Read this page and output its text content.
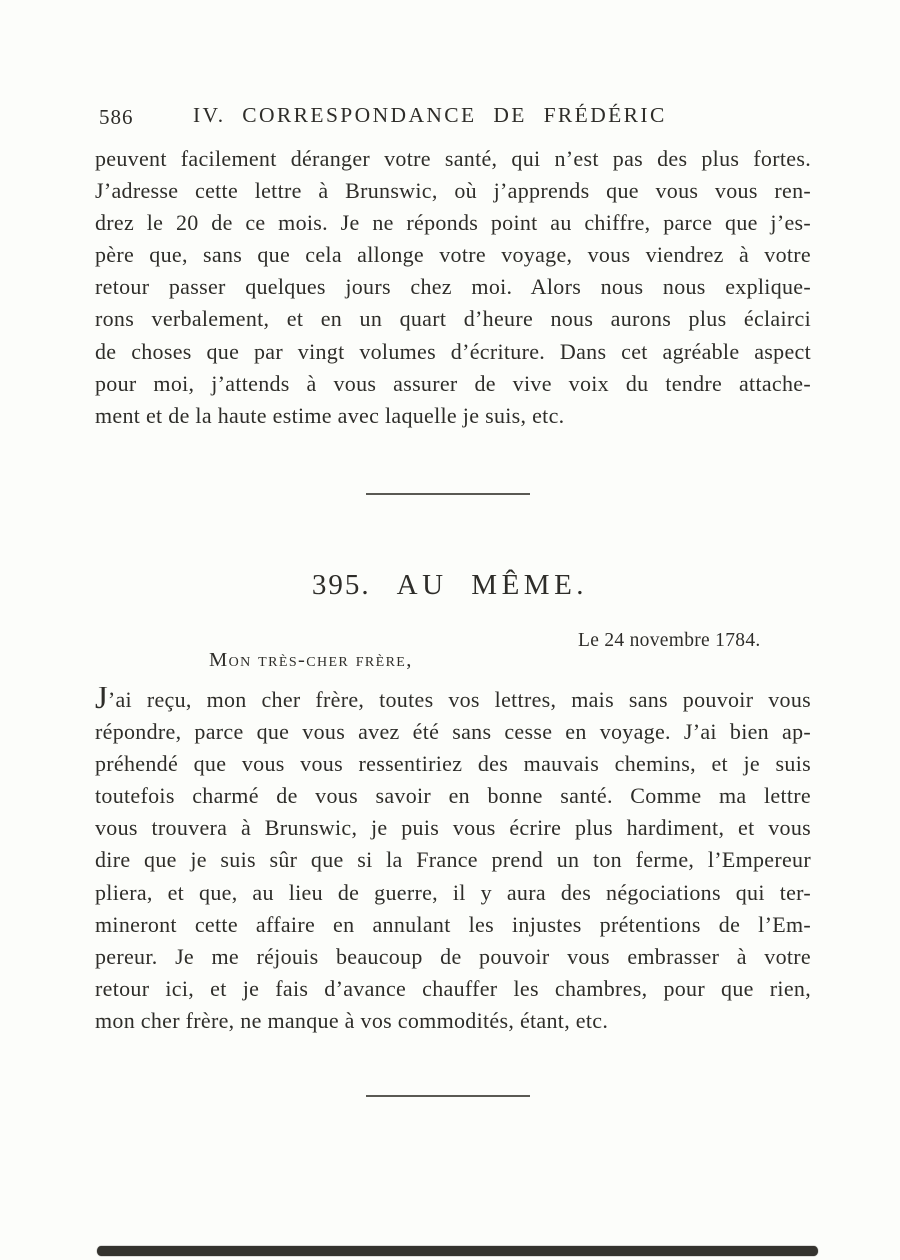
586	IV. CORRESPONDANCE DE FRÉDÉRIC
peuvent facilement déranger votre santé, qui n’est pas des plus fortes.
J’adresse cette lettre à Brunswic, où j’apprends que vous vous ren-
drez le 20 de ce mois. Je ne réponds point au chiffre, parce que j’es-
père que, sans que cela allonge votre voyage, vous viendrez à votre
retour passer quelques jours chez moi. Alors nous nous explique-
rons verbalement, et en un quart d’heure nous aurons plus éclairci
de choses que par vingt volumes d’écriture. Dans cet agréable aspect
pour moi, j’attends à vous assurer de vive voix du tendre attache-
ment et de la haute estime avec laquelle je suis, etc.
395. AU MÊME.
Le 24 novembre 1784.
Mon très-cher frère,
J’ai reçu, mon cher frère, toutes vos lettres, mais sans pouvoir vous
répondre, parce que vous avez été sans cesse en voyage. J’ai bien ap-
préhendé que vous vous ressentiriez des mauvais chemins, et je suis
toutefois charmé de vous savoir en bonne santé. Comme ma lettre
vous trouvera à Brunswic, je puis vous écrire plus hardiment, et vous
dire que je suis sûr que si la France prend un ton ferme, l’Empereur
pliera, et que, au lieu de guerre, il y aura des négociations qui ter-
mineront cette affaire en annulant les injustes prétentions de l’Em-
pereur. Je me réjouis beaucoup de pouvoir vous embrasser à votre
retour ici, et je fais d’avance chauffer les chambres, pour que rien,
mon cher frère, ne manque à vos commodités, étant, etc.
